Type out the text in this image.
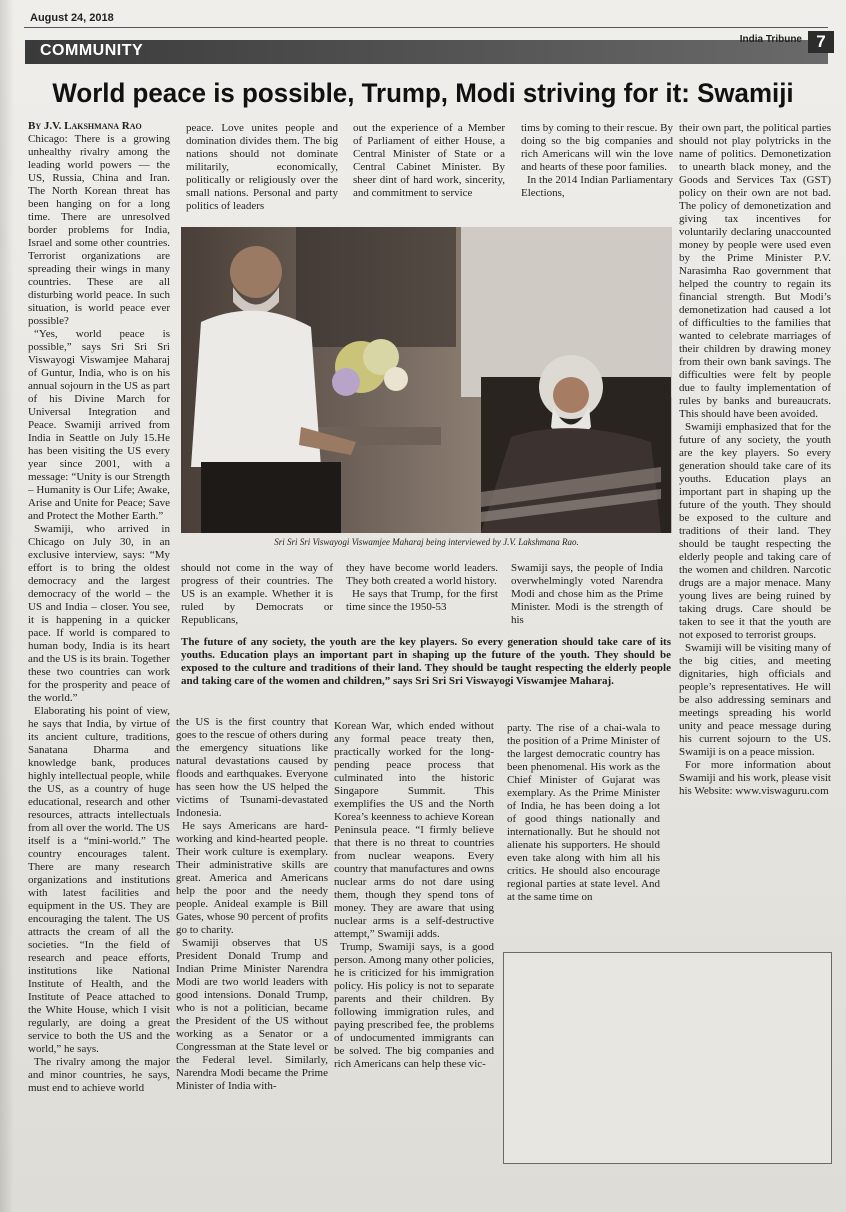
August 24, 2018
COMMUNITY
India Tribune 7
World peace is possible, Trump, Modi striving for it: Swamiji

By J.V. Lakshmana Rao

Chicago: There is a growing unhealthy rivalry among the leading world powers — the US, Russia, China and Iran. The North Korean threat has been hanging on for a long time. There are unresolved border problems for India, Israel and some other countries. Terrorist organizations are spreading their wings in many countries. These are all disturbing world peace. In such situation, is world peace ever possible?

“Yes, world peace is possible,” says Sri Sri Sri Viswayogi Viswamjee Maharaj of Guntur, India, who is on his annual sojourn in the US as part of his Divine March for Universal Integration and Peace. Swamiji arrived from India in Seattle on July 15.He has been visiting the US every year since 2001, with a message: “Unity is our Strength – Humanity is Our Life; Awake, Arise and Unite for Peace; Save and Protect the Mother Earth.”

Swamiji, who arrived in Chicago on July 30, in an exclusive interview, says: “My effort is to bring the oldest democracy and the largest democracy of the world – the US and India – closer. You see, it is happening in a quicker pace. If world is compared to human body, India is its heart and the US is its brain. Together these two countries can work for the prosperity and peace of the world.”

Elaborating his point of view, he says that India, by virtue of its ancient culture, traditions, Sanatana Dharma and knowledge bank, produces highly intellectual people, while the US, as a country of huge educational, research and other resources, attracts intellectuals from all over the world. The US itself is a “mini-world.” The country encourages talent. There are many research organizations and institutions with latest facilities and equipment in the US. They are encouraging the talent. The US attracts the cream of all the societies. “In the field of research and peace efforts, institutions like National Institute of Health, and the Institute of Peace attached to the White House, which I visit regularly, are doing a great service to both the US and the world,” he says.

The rivalry among the major and minor countries, he says, must end to achieve world

peace. Love unites people and domination divides them. The big nations should not dominate militarily, economically, politically or religiously over the small nations. Personal and party politics of leaders

out the experience of a Member of Parliament of either House, a Central Minister of State or a Central Cabinet Minister. By sheer dint of hard work, sincerity, and commitment to service

tims by coming to their rescue. By doing so the big companies and rich Americans will win the love and hearts of these poor families.

In the 2014 Indian Parliamentary Elections,

their own part, the political parties should not play polytricks in the name of politics. Demonetization to unearth black money, and the Goods and Services Tax (GST) policy on their own are not bad. The policy of demonetization and giving tax incentives for voluntarily declaring unaccounted money by people were used even by the Prime Minister P.V. Narasimha Rao government that helped the country to regain its financial strength. But Modi’s demonetization had caused a lot of difficulties to the families that wanted to celebrate marriages of their children by drawing money from their own bank savings. The difficulties were felt by people due to faulty implementation of rules by banks and bureaucrats. This should have been avoided.

Swamiji emphasized that for the future of any society, the youth are the key players. So every generation should take care of its youths. Education plays an important part in shaping up the future of the youth. They should be exposed to the culture and traditions of their land. They should be taught respecting the elderly people and taking care of the women and children. Narcotic drugs are a major menace. Many young lives are being ruined by taking drugs. Care should be taken to see it that the youth are not exposed to terrorist groups.

Swamiji will be visiting many of the big cities, and meeting dignitaries, high officials and people’s representatives. He will be also addressing seminars and meetings spreading his world unity and peace message during his current sojourn to the US. Swamiji is on a peace mission.

For more information about Swamiji and his work, please visit his Website: www.viswaguru.com

Sri Sri Sri Viswayogi Viswamjee Maharaj being interviewed by J.V. Lakshmana Rao.

should not come in the way of progress of their countries. The US is an example. Whether it is ruled by Democrats or Republicans,

they have become world leaders. They both created a world history.

He says that Trump, for the first time since the 1950-53

Swamiji says, the people of India overwhelmingly voted Narendra Modi and chose him as the Prime Minister. Modi is the strength of his

The future of any society, the youth are the key players. So every generation should take care of its youths. Education plays an important part in shaping up the future of the youth. They should be exposed to the culture and traditions of their land. They should be taught respecting the elderly people and taking care of the women and children,” says Sri Sri Sri Viswayogi Viswamjee Maharaj.

the US is the first country that goes to the rescue of others during the emergency situations like natural devastations caused by floods and earthquakes. Everyone has seen how the US helped the victims of Tsunami-devastated Indonesia.

He says Americans are hard-working and kind-hearted people. Their work culture is exemplary. Their administrative skills are great. America and Americans help the poor and the needy people. Anideal example is Bill Gates, whose 90 percent of profits go to charity.

Swamiji observes that US President Donald Trump and Indian Prime Minister Narendra Modi are two world leaders with good intensions. Donald Trump, who is not a politician, became the President of the US without working as a Senator or a Congressman at the State level or the Federal level. Similarly, Narendra Modi became the Prime Minister of India with-

Korean War, which ended without any formal peace treaty then, practically worked for the long-pending peace process that culminated into the historic Singapore Summit. This exemplifies the US and the North Korea’s keenness to achieve Korean Peninsula peace. “I firmly believe that there is no threat to countries from nuclear weapons. Every country that manufactures and owns nuclear arms do not dare using them, though they spend tons of money. They are aware that using nuclear arms is a self-destructive attempt,” Swamiji adds.

Trump, Swamiji says, is a good person. Among many other policies, he is criticized for his immigration policy. His policy is not to separate parents and their children. By following immigration rules, and paying prescribed fee, the problems of undocumented immigrants can be solved. The big companies and rich Americans can help these vic-

party. The rise of a chai-wala to the position of a Prime Minister of the largest democratic country has been phenomenal. His work as the Chief Minister of Gujarat was exemplary. As the Prime Minister of India, he has been doing a lot of good things nationally and internationally. But he should not alienate his supporters. He should even take along with him all his critics. He should also encourage regional parties at state level. And at the same time on
